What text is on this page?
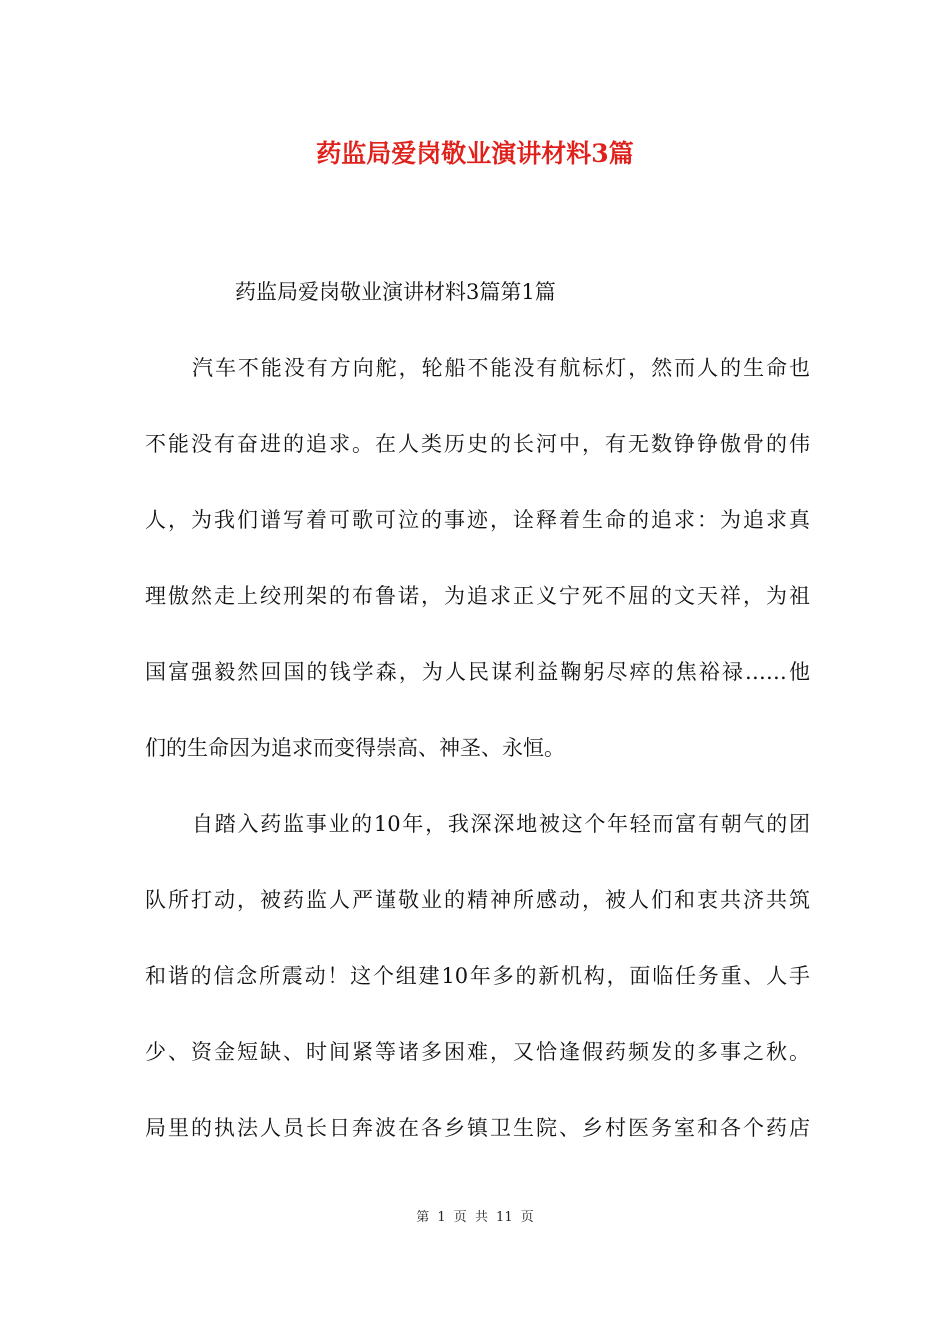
药监局爱岗敬业演讲材料3篇

药监局爱岗敬业演讲材料3篇第1篇

汽车不能没有方向舵，轮船不能没有航标灯，然而人的生命也

不能没有奋进的追求。在人类历史的长河中，有无数铮铮傲骨的伟

人，为我们谱写着可歌可泣的事迹，诠释着生命的追求：为追求真

理傲然走上绞刑架的布鲁诺，为追求正义宁死不屈的文天祥，为祖

国富强毅然回国的钱学森，为人民谋利益鞠躬尽瘁的焦裕禄……他

们的生命因为追求而变得崇高、神圣、永恒。

自踏入药监事业的10年，我深深地被这个年轻而富有朝气的团

队所打动，被药监人严谨敬业的精神所感动，被人们和衷共济共筑

和谐的信念所震动！这个组建10年多的新机构，面临任务重、人手

少、资金短缺、时间紧等诸多困难，又恰逢假药频发的多事之秋。

局里的执法人员长日奔波在各乡镇卫生院、乡村医务室和各个药店

第 1 页 共 11 页
